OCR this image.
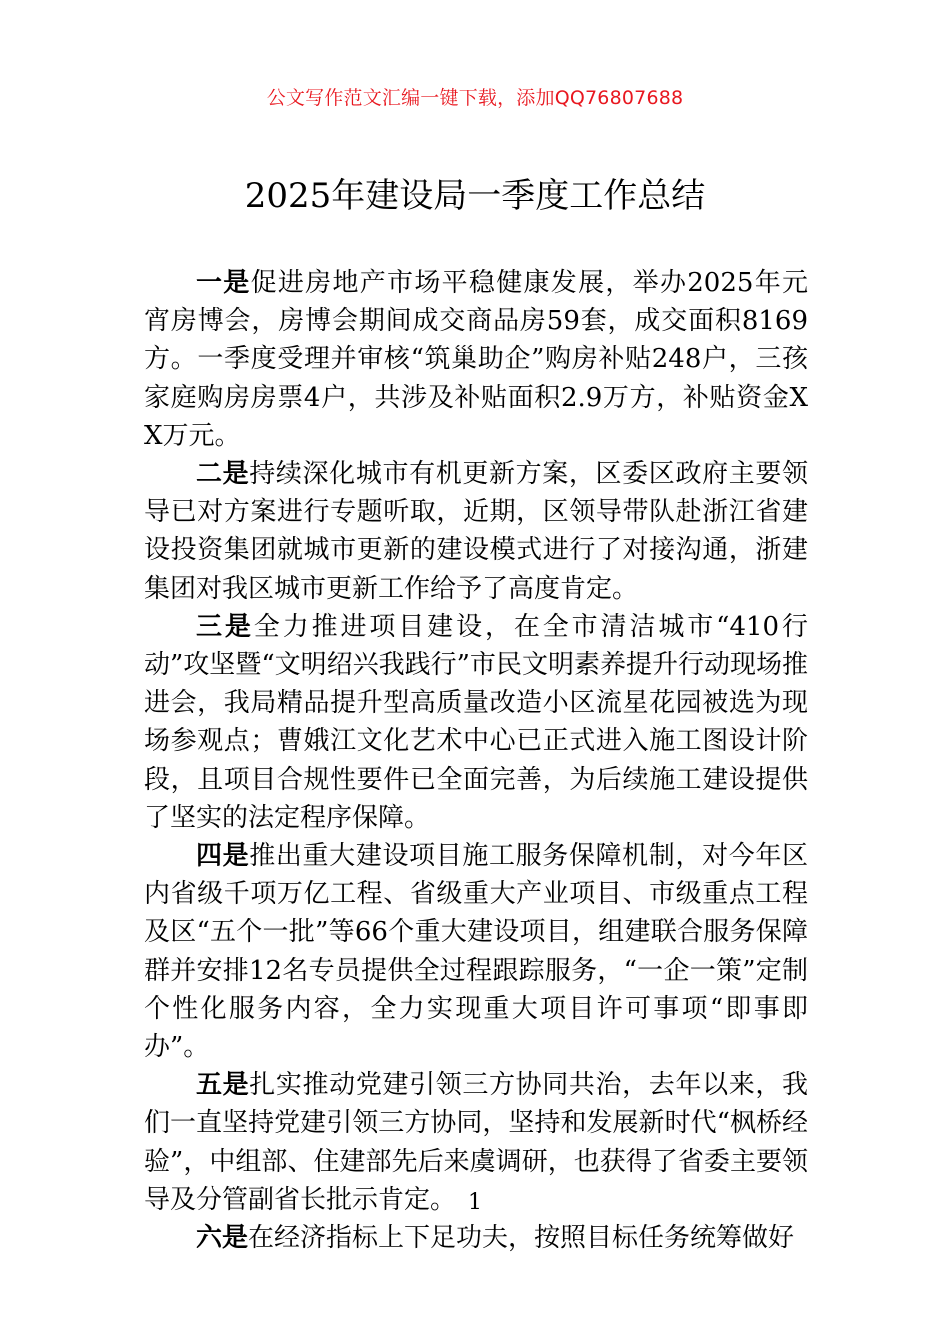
公文写作范文汇编一键下载，添加QQ76807688
2025年建设局一季度工作总结

一是促进房地产市场平稳健康发展，举办2025年元宵房博会，房博会期间成交商品房59套，成交面积8169方。一季度受理并审核“筑巢助企”购房补贴248户，三孩家庭购房房票4户，共涉及补贴面积2.9万方，补贴资金XX万元。

二是持续深化城市有机更新方案，区委区政府主要领导已对方案进行专题听取，近期，区领导带队赴浙江省建设投资集团就城市更新的建设模式进行了对接沟通，浙建集团对我区城市更新工作给予了高度肯定。

三是全力推进项目建设，在全市清洁城市“410行动”攻坚暨“文明绍兴我践行”市民文明素养提升行动现场推进会，我局精品提升型高质量改造小区流星花园被选为现场参观点；曹娥江文化艺术中心已正式进入施工图设计阶段，且项目合规性要件已全面完善，为后续施工建设提供了坚实的法定程序保障。

四是推出重大建设项目施工服务保障机制，对今年区内省级千项万亿工程、省级重大产业项目、市级重点工程及区“五个一批”等66个重大建设项目，组建联合服务保障群并安排12名专员提供全过程跟踪服务，“一企一策”定制个性化服务内容，全力实现重大项目许可事项“即事即办”。

五是扎实推动党建引领三方协同共治，去年以来，我们一直坚持党建引领三方协同，坚持和发展新时代“枫桥经验”，中组部、住建部先后来虞调研，也获得了省委主要领导及分管副省长批示肯定。

六是在经济指标上下足功夫，按照目标任务统筹做好

1
